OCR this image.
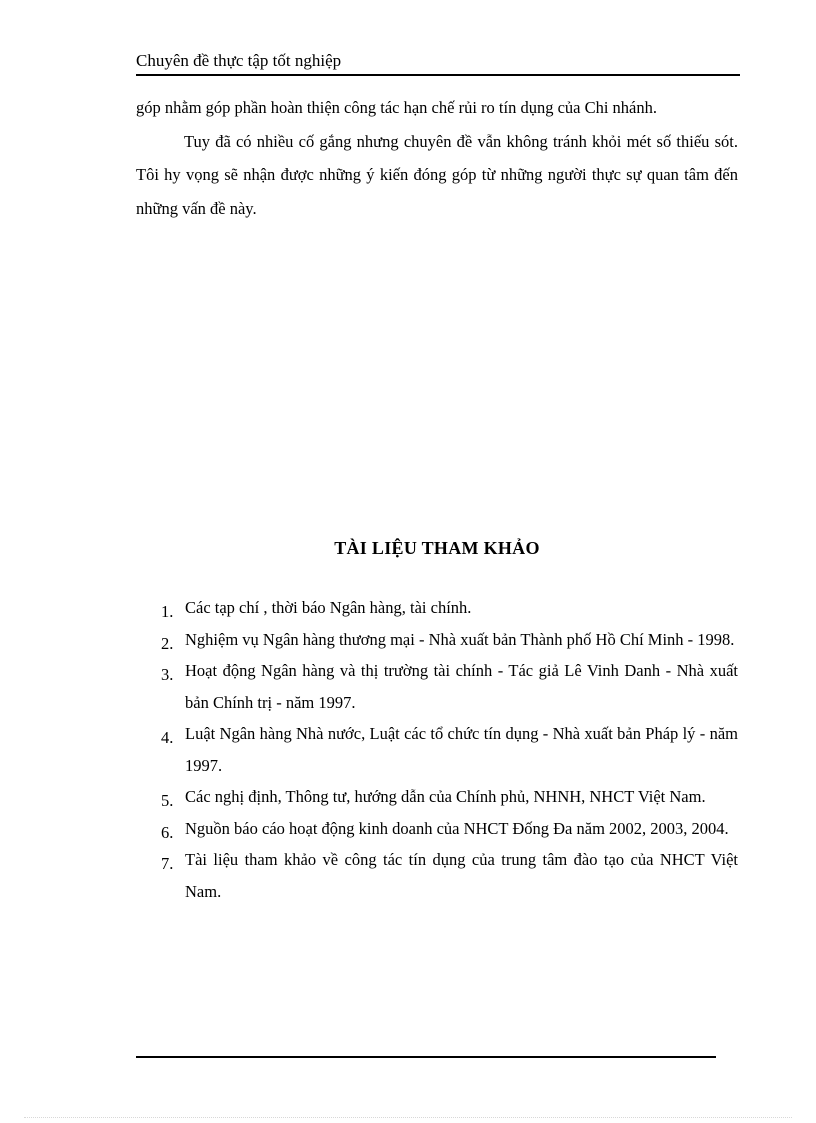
Chuyên đề thực tập tốt nghiệp

góp nhằm góp phần hoàn thiện công tác hạn chế rủi ro tín dụng của Chi nhánh.

Tuy đã có nhiều cố gắng nhưng chuyên đề vẫn không tránh khỏi mét số thiếu sót. Tôi hy vọng sẽ nhận được những ý kiến đóng góp từ những người thực sự quan tâm đến những vấn đề này.

TÀI LIỆU THAM KHẢO
1. Các tạp chí , thời báo Ngân hàng, tài chính.
2. Nghiệm vụ Ngân hàng thương mại - Nhà xuất bản Thành phố Hồ Chí Minh - 1998.
3. Hoạt động Ngân hàng và thị trường tài chính - Tác giả Lê Vinh Danh - Nhà xuất bản Chính trị - năm 1997.
4. Luật Ngân hàng Nhà nước, Luật các tổ chức tín dụng - Nhà xuất bản Pháp lý - năm 1997.
5. Các nghị định, Thông tư, hướng dẫn của Chính phủ, NHNH, NHCT Việt Nam.
6. Nguồn báo cáo hoạt động kinh doanh của NHCT Đống Đa năm 2002, 2003, 2004.
7. Tài liệu tham khảo về công tác tín dụng của trung tâm đào tạo của NHCT Việt Nam.
